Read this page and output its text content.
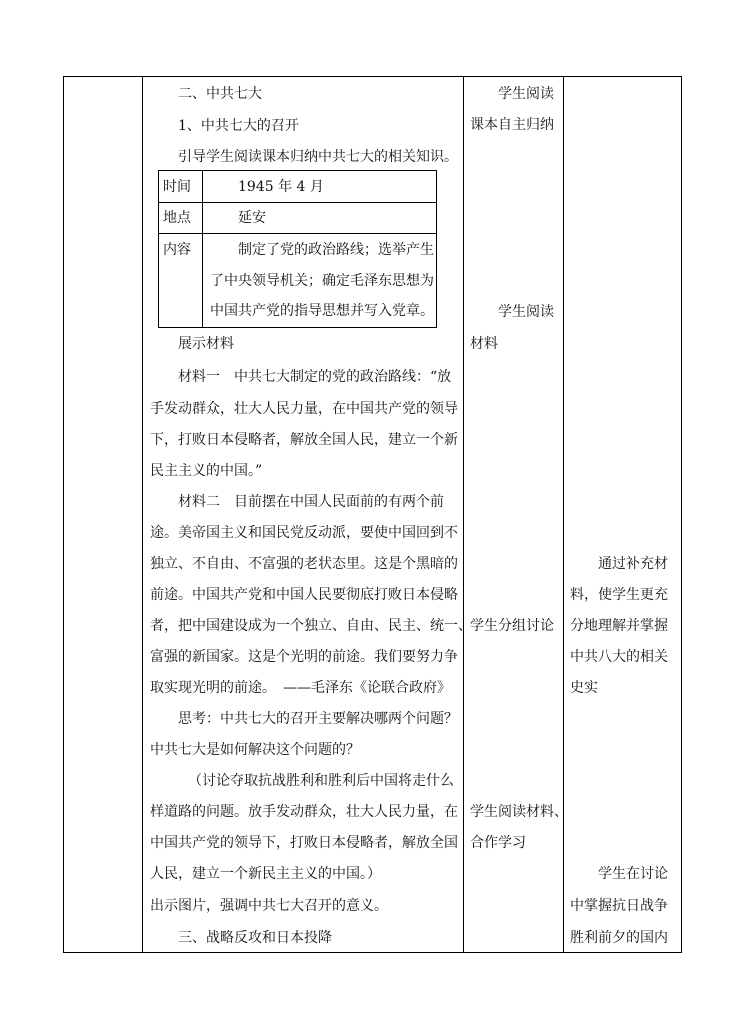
二、中共七大
1、中共七大的召开
引导学生阅读课本归纳中共七大的相关知识。
时间	1945 年 4 月
地点	延安
内容	制定了党的政治路线；选举产生
了中央领导机关；确定毛泽东思想为
中国共产党的指导思想并写入党章。
展示材料
材料一　中共七大制定的党的政治路线：“放
手发动群众，壮大人民力量，在中国共产党的领导
下，打败日本侵略者，解放全国人民，建立一个新
民主主义的中国。”
材料二　目前摆在中国人民面前的有两个前
途。美帝国主义和国民党反动派，要使中国回到不
独立、不自由、不富强的老状态里。这是个黑暗的
前途。中国共产党和中国人民要彻底打败日本侵略
者，把中国建设成为一个独立、自由、民主、统一、
富强的新国家。这是个光明的前途。我们要努力争
取实现光明的前途。　——毛泽东《论联合政府》
思考：中共七大的召开主要解决哪两个问题？
中共七大是如何解决这个问题的？
（讨论夺取抗战胜利和胜利后中国将走什么
样道路的问题。放手发动群众，壮大人民力量，在
中国共产党的领导下，打败日本侵略者，解放全国
人民，建立一个新民主主义的中国。）
出示图片，强调中共七大召开的意义。
三、战略反攻和日本投降
学生阅读
课本自主归纳
学生阅读
材料
学生分组讨论
学生阅读材料、
合作学习
通过补充材
料，使学生更充
分地理解并掌握
中共八大的相关
史实
学生在讨论
中掌握抗日战争
胜利前夕的国内
